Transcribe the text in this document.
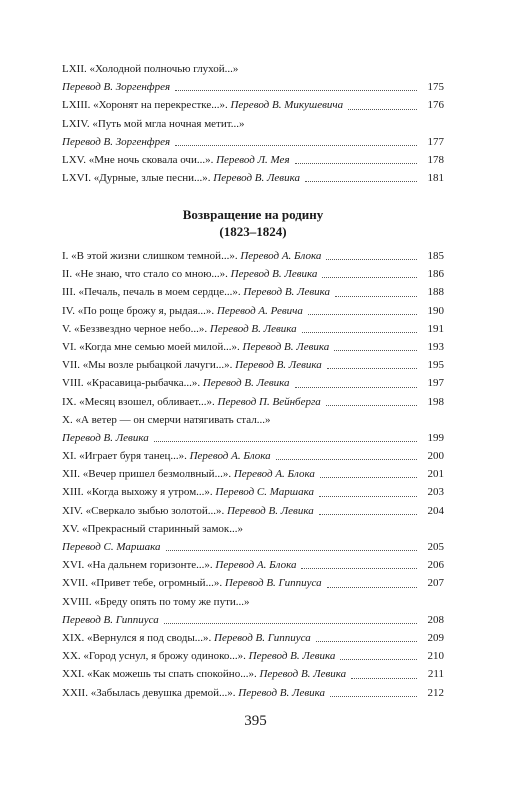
LXII. «Холодной полночью глухой...»
Перевод В. Зоргенфрея	175
LXIII. «Хоронят на перекрестке...». Перевод В. Микушевича	176
LXIV. «Путь мой мгла ночная метит...»
Перевод В. Зоргенфрея	177
LXV. «Мне ночь сковала очи...». Перевод Л. Мея	178
LXVI. «Дурные, злые песни...». Перевод В. Левика	181
Возвращение на родину
(1823–1824)
I. «В этой жизни слишком темной...». Перевод А. Блока	185
II. «Не знаю, что стало со мною...». Перевод В. Левика	186
III. «Печаль, печаль в моем сердце...». Перевод В. Левика	188
IV. «По роще брожу я, рыдая...». Перевод А. Ревича	190
V. «Беззвездно черное небо...». Перевод В. Левика	191
VI. «Когда мне семью моей милой...». Перевод В. Левика	193
VII. «Мы возле рыбацкой лачуги...». Перевод В. Левика	195
VIII. «Красавица-рыбачка...». Перевод В. Левика	197
IX. «Месяц взошел, обливает...». Перевод П. Вейнберга	198
X. «А ветер — он смерчи натягивать стал...»
Перевод В. Левика	199
XI. «Играет буря танец...». Перевод А. Блока	200
XII. «Вечер пришел безмолвный...». Перевод А. Блока	201
XIII. «Когда выхожу я утром...». Перевод С. Маршака	203
XIV. «Сверкало зыбью золотой...». Перевод В. Левика	204
XV. «Прекрасный старинный замок...»
Перевод С. Маршака	205
XVI. «На дальнем горизонте...». Перевод А. Блока	206
XVII. «Привет тебе, огромный...». Перевод В. Гиппиуса	207
XVIII. «Бреду опять по тому же пути...»
Перевод В. Гиппиуса	208
XIX. «Вернулся я под своды...». Перевод В. Гиппиуса	209
XX. «Город уснул, я брожу одиноко...». Перевод В. Левика	210
XXI. «Как можешь ты спать спокойно...». Перевод В. Левика	211
XXII. «Забылась девушка дремой...». Перевод В. Левика	212
395
